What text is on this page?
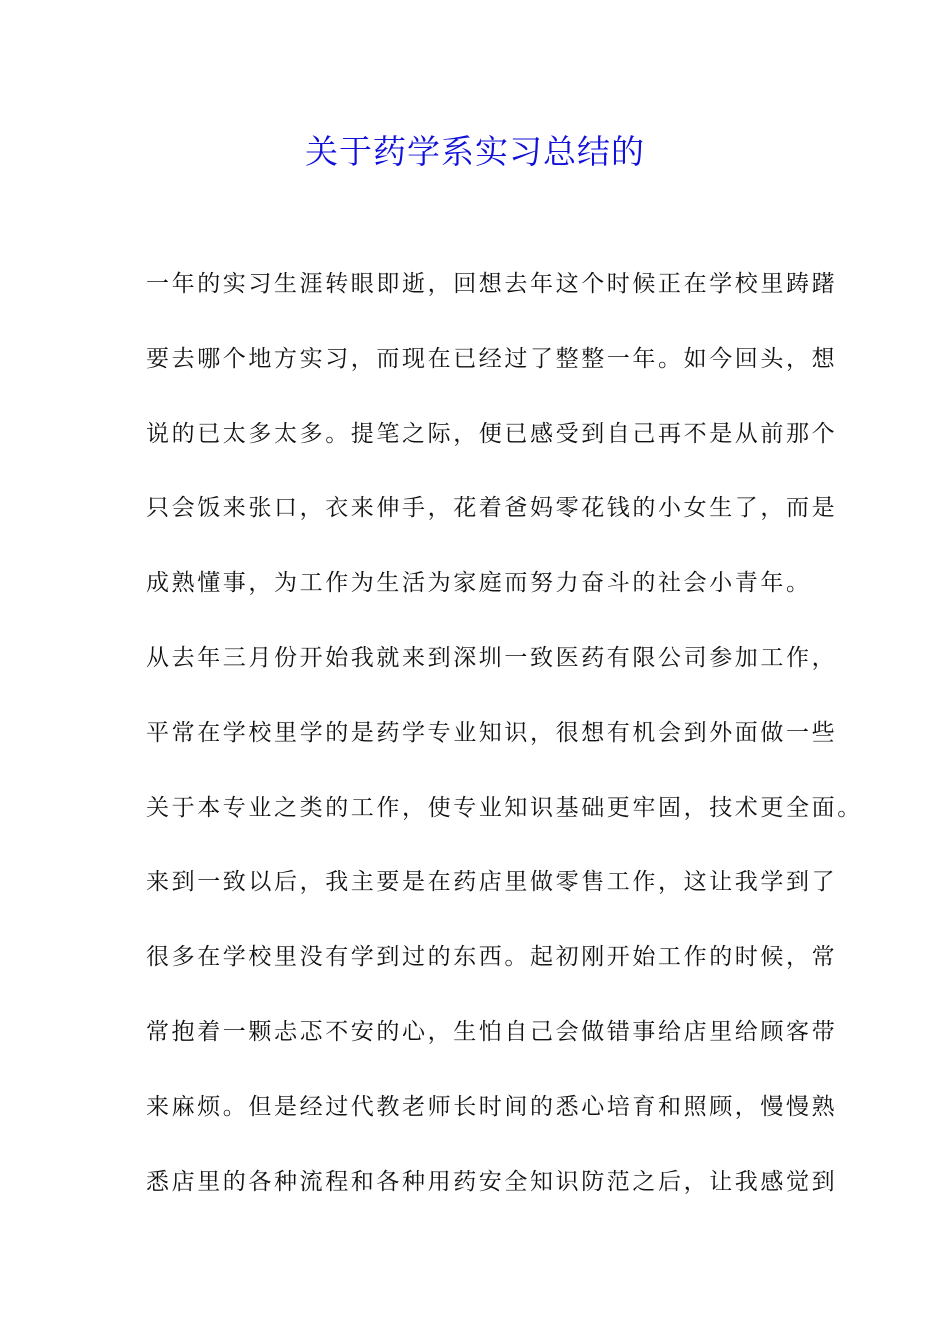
关于药学系实习总结的
一年的实习生涯转眼即逝，回想去年这个时候正在学校里踌躇
要去哪个地方实习，而现在已经过了整整一年。如今回头，想
说的已太多太多。提笔之际，便已感受到自己再不是从前那个
只会饭来张口，衣来伸手，花着爸妈零花钱的小女生了，而是
成熟懂事，为工作为生活为家庭而努力奋斗的社会小青年。
从去年三月份开始我就来到深圳一致医药有限公司参加工作，
平常在学校里学的是药学专业知识，很想有机会到外面做一些
关于本专业之类的工作，使专业知识基础更牢固，技术更全面。
来到一致以后，我主要是在药店里做零售工作，这让我学到了
很多在学校里没有学到过的东西。起初刚开始工作的时候，常
常抱着一颗忐忑不安的心，生怕自己会做错事给店里给顾客带
来麻烦。但是经过代教老师长时间的悉心培育和照顾，慢慢熟
悉店里的各种流程和各种用药安全知识防范之后，让我感觉到
